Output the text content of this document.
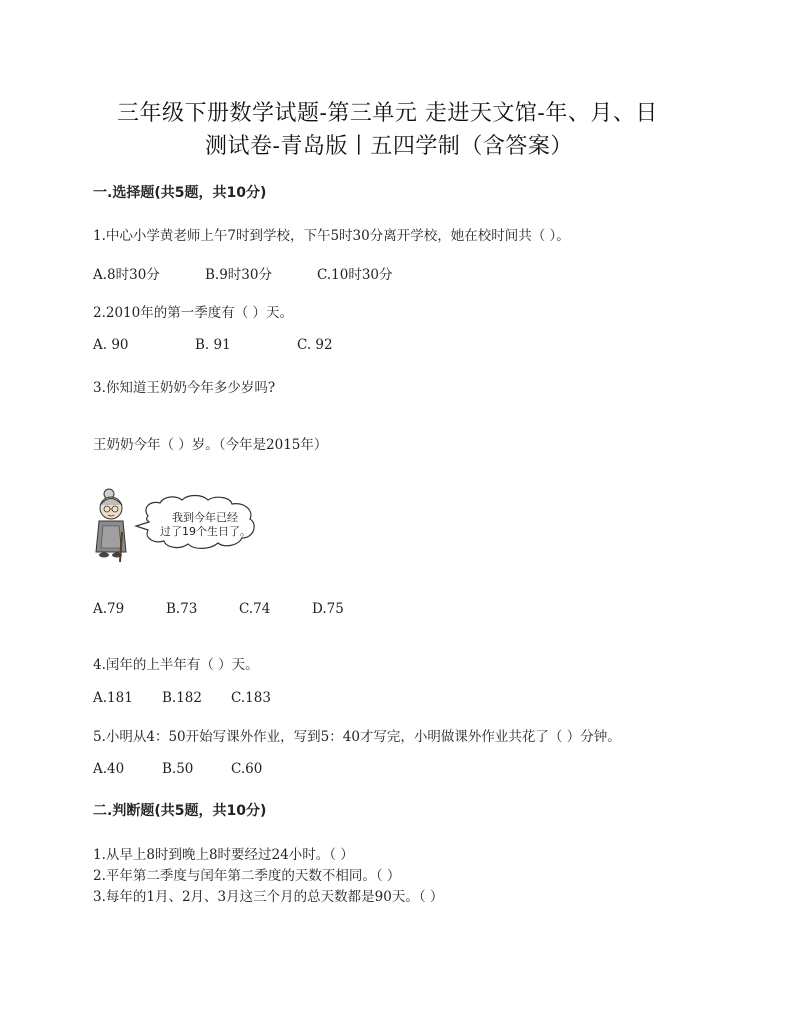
三年级下册数学试题-第三单元 走进天文馆-年、月、日
测试卷-青岛版丨五四学制（含答案）
一.选择题(共5题，共10分)
1.中心小学黄老师上午7时到学校，下午5时30分离开学校，她在校时间共（ ）。
A.8时30分	B.9时30分	C.10时30分
2.2010年的第一季度有（ ）天。
A. 90	B. 91	C. 92
3.你知道王奶奶今年多少岁吗?
王奶奶今年（ ）岁。（今年是2015年）
我到今年已经
过了19个生日了。
A.79	B.73	C.74	D.75
4.闰年的上半年有（ ）天。
A.181 B.182 C.183
5.小明从4：50开始写课外作业，写到5：40才写完，小明做课外作业共花了（ ）分钟。
A.40	B.50	C.60
二.判断题(共5题，共10分)
1.从早上8时到晚上8时要经过24小时。（ ）
2.平年第二季度与闰年第二季度的天数不相同。（ ）
3.每年的1月、2月、3月这三个月的总天数都是90天。（ ）
